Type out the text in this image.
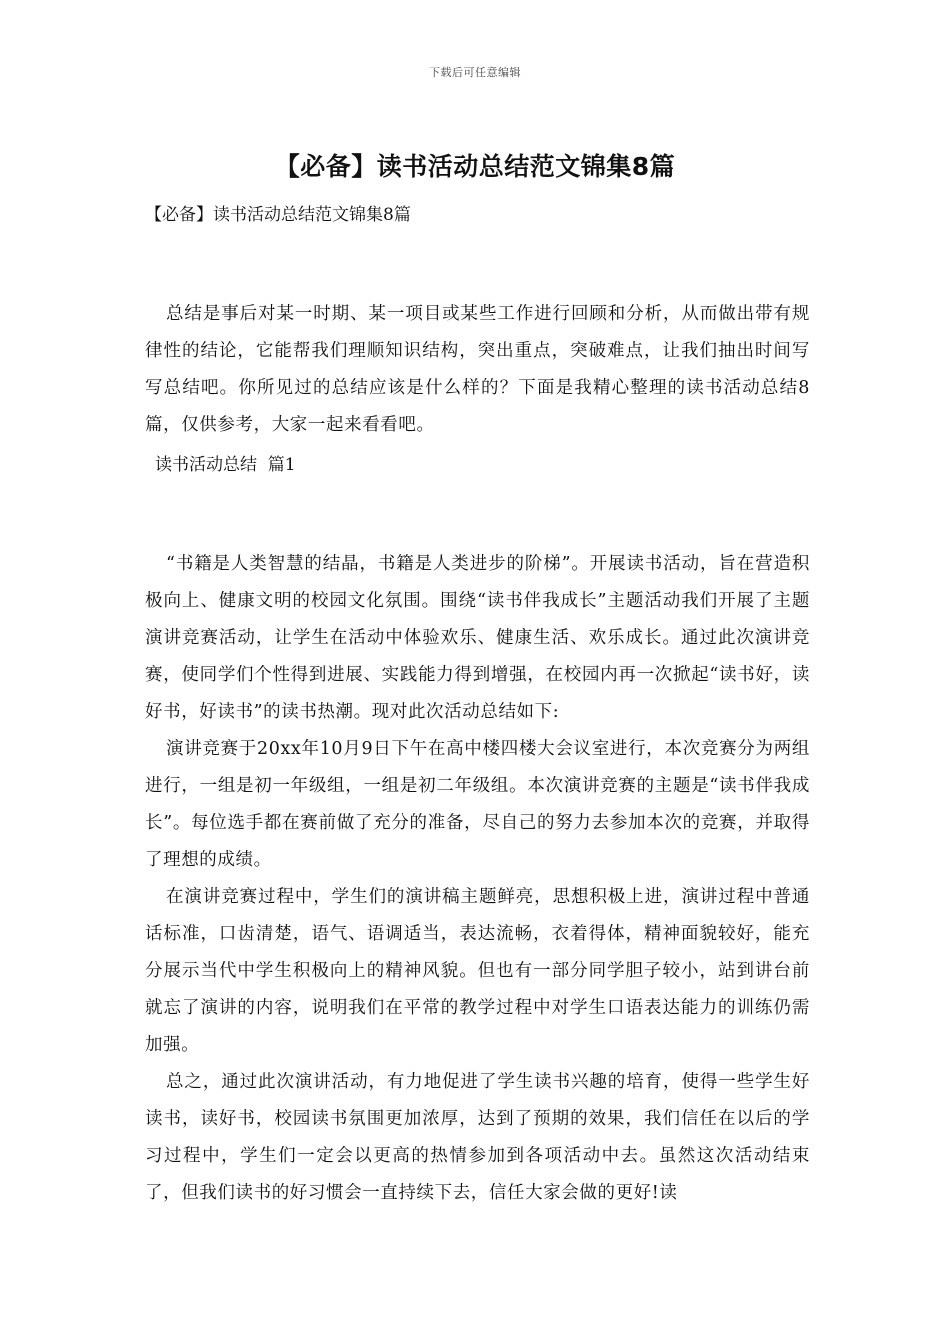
下载后可任意编辑
【必备】读书活动总结范文锦集8篇
【必备】读书活动总结范文锦集8篇

总结是事后对某一时期、某一项目或某些工作进行回顾和分析，从而做出带有规律性的结论，它能帮我们理顺知识结构，突出重点，突破难点，让我们抽出时间写写总结吧。你所见过的总结应该是什么样的？下面是我精心整理的读书活动总结8篇，仅供参考，大家一起来看看吧。

读书活动总结  篇1

“书籍是人类智慧的结晶，书籍是人类进步的阶梯”。开展读书活动，旨在营造积极向上、健康文明的校园文化氛围。围绕“读书伴我成长”主题活动我们开展了主题演讲竞赛活动，让学生在活动中体验欢乐、健康生活、欢乐成长。通过此次演讲竞赛，使同学们个性得到进展、实践能力得到增强，在校园内再一次掀起“读书好，读好书，好读书”的读书热潮。现对此次活动总结如下:

演讲竞赛于20xx年10月9日下午在高中楼四楼大会议室进行，本次竞赛分为两组进行，一组是初一年级组，一组是初二年级组。本次演讲竞赛的主题是“读书伴我成长”。每位选手都在赛前做了充分的准备，尽自己的努力去参加本次的竞赛，并取得了理想的成绩。

在演讲竞赛过程中，学生们的演讲稿主题鲜亮，思想积极上进，演讲过程中普通话标准，口齿清楚，语气、语调适当，表达流畅，衣着得体，精神面貌较好，能充分展示当代中学生积极向上的精神风貌。但也有一部分同学胆子较小，站到讲台前就忘了演讲的内容，说明我们在平常的教学过程中对学生口语表达能力的训练仍需加强。

总之，通过此次演讲活动，有力地促进了学生读书兴趣的培育，使得一些学生好读书，读好书，校园读书氛围更加浓厚，达到了预期的效果，我们信任在以后的学习过程中，学生们一定会以更高的热情参加到各项活动中去。虽然这次活动结束了，但我们读书的好习惯会一直持续下去，信任大家会做的更好!读
